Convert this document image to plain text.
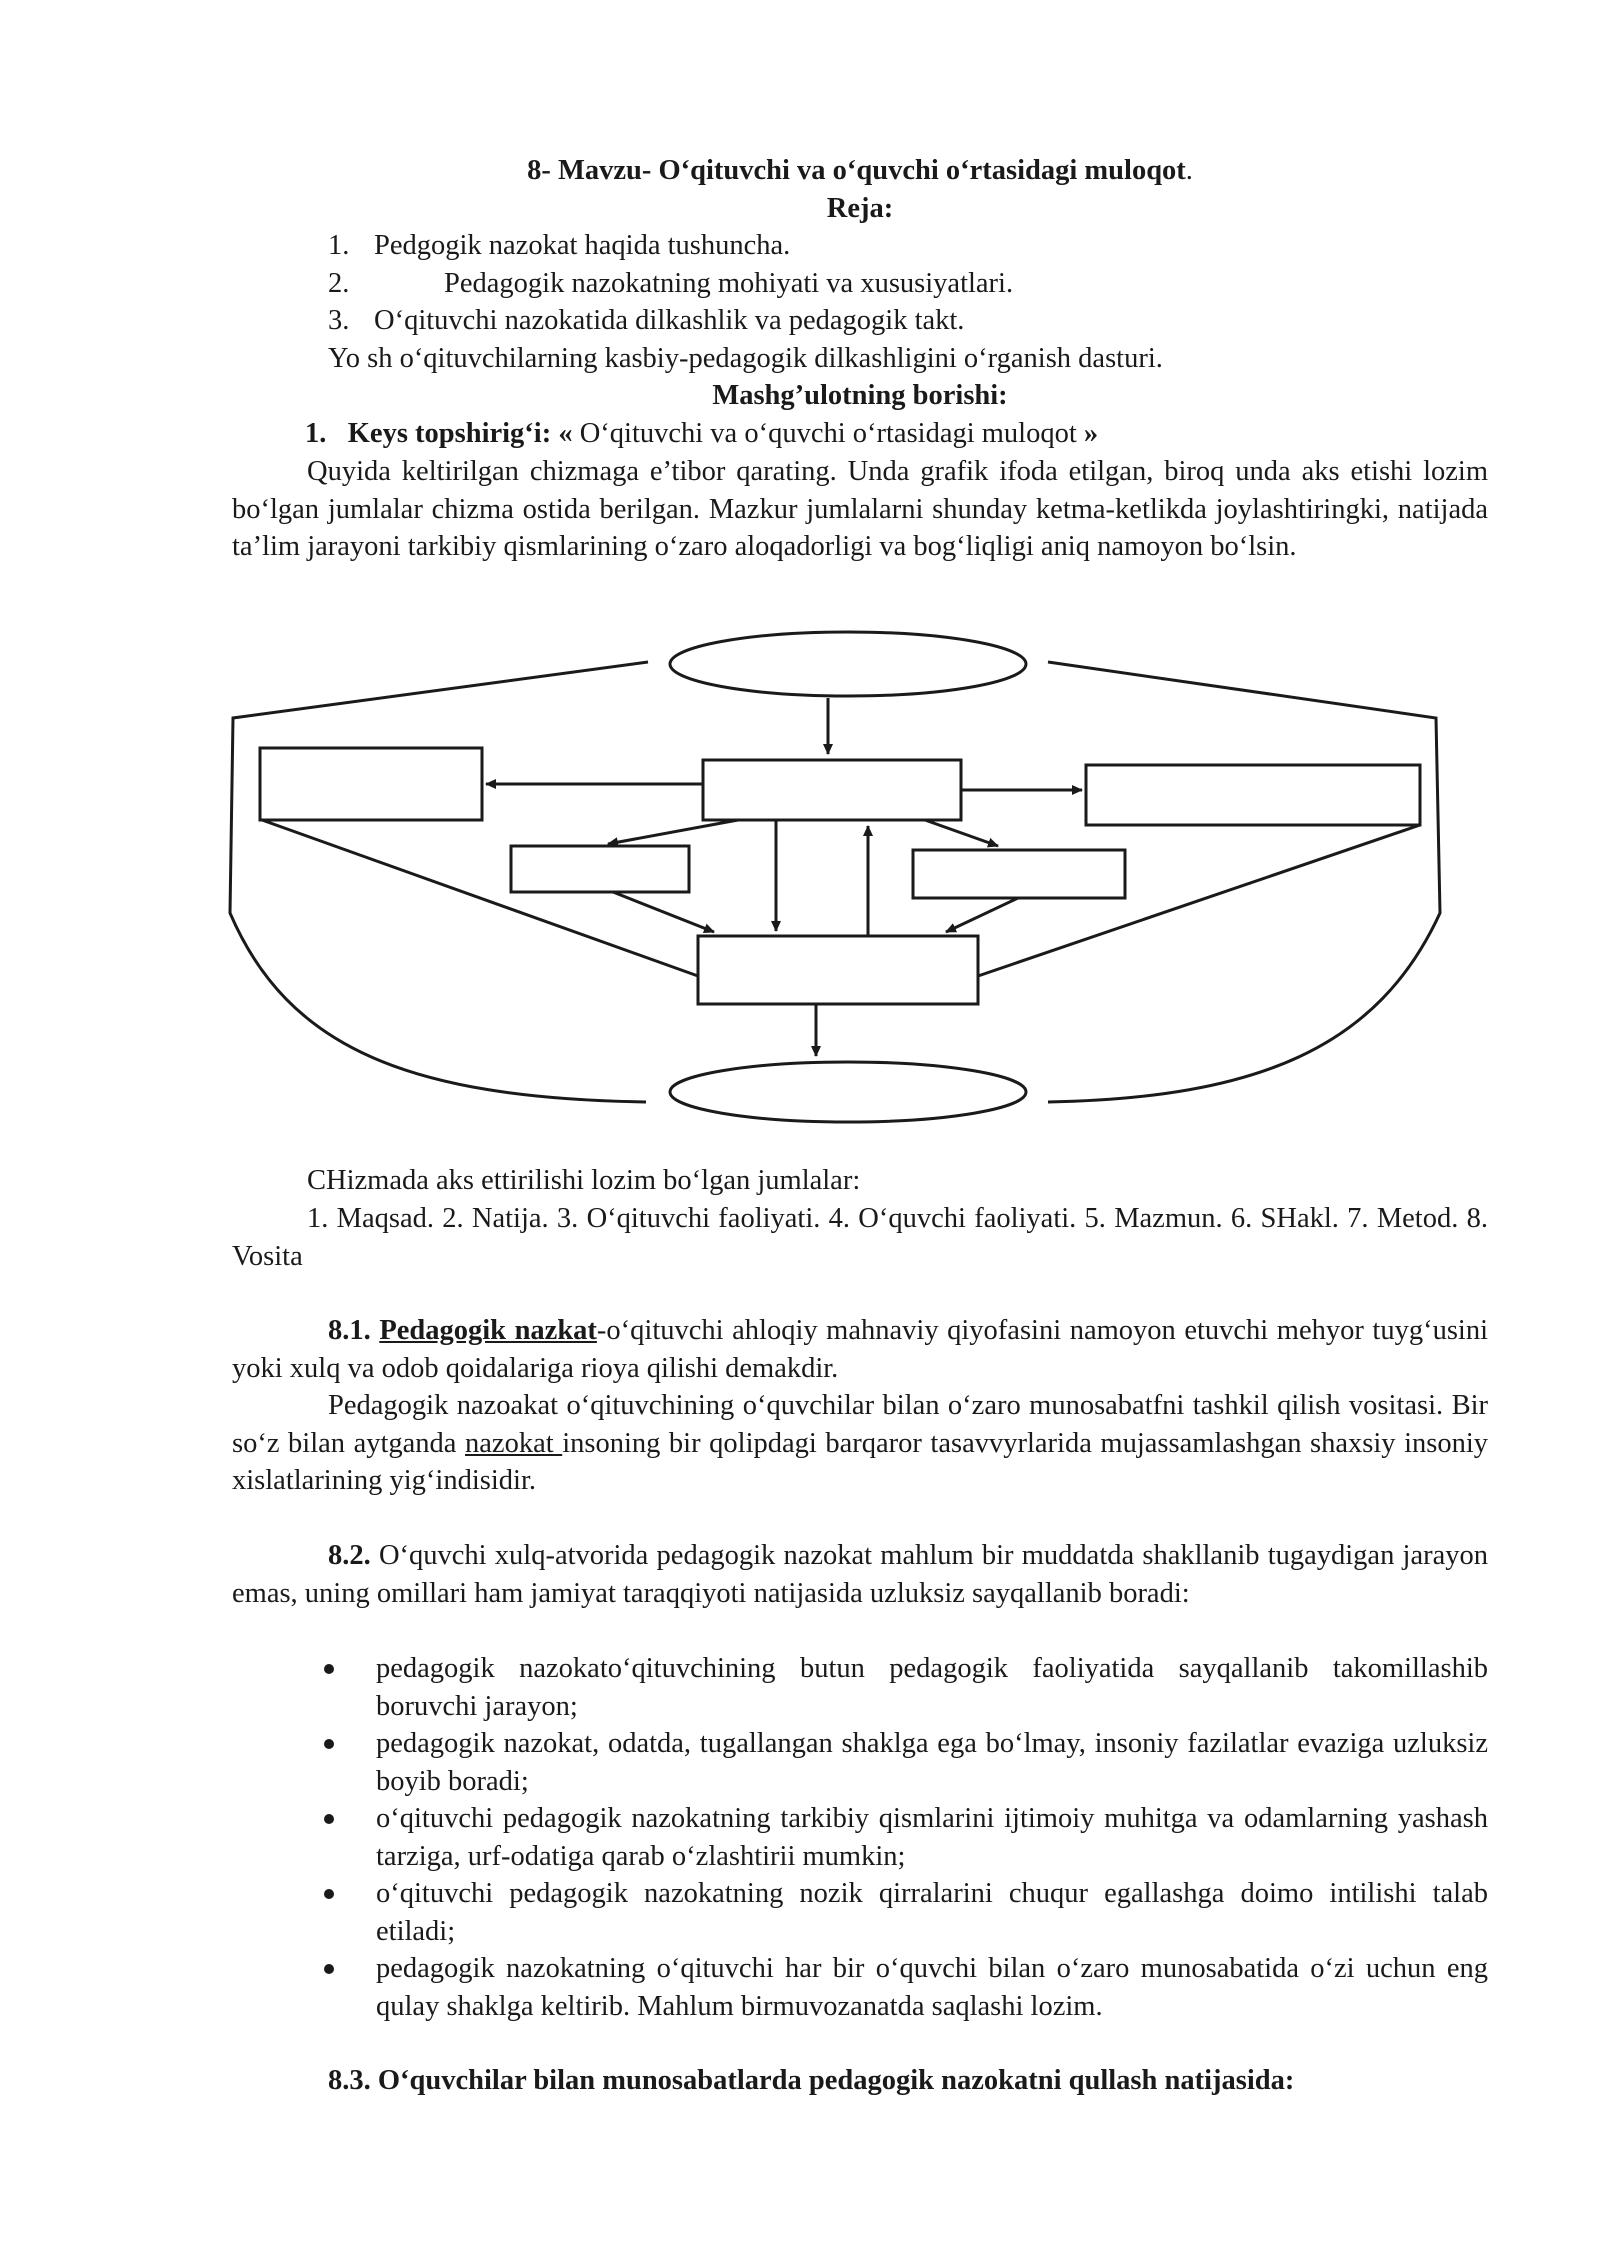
8- Mavzu- O‘qituvchi va o‘quvchi o‘rtasidagi muloqot.

Reja:

1. Pedgogik nazokat haqida tushuncha.

2.	Pedagogik nazokatning mohiyati va xususiyatlari.

3. O‘qituvchi nazokatida dilkashlik va pedagogik takt.

Yo sh o‘qituvchilarning kasbiy-pedagogik dilkashligini o‘rganish dasturi.

Mashg’ulotning borishi:

1. Keys topshirig‘i: « O‘qituvchi va o‘quvchi o‘rtasidagi muloqot »

Quyida keltirilgan chizmaga e’tibor qarating. Unda grafik ifoda etilgan, biroq unda aks etishi lozim bo‘lgan jumlalar chizma ostida berilgan. Mazkur jumlalarni shunday ketma-ketlikda joylashtiringki, natijada ta’lim jarayoni tarkibiy qismlarining o‘zaro aloqadorligi va bog‘liqligi aniq namoyon bo‘lsin.

CHizmada aks ettirilishi lozim bo‘lgan jumlalar:

1. Maqsad. 2. Natija. 3. O‘qituvchi faoliyati. 4. O‘quvchi faoliyati. 5. Mazmun. 6. SHakl. 7. Metod. 8. Vosita

8.1. Pedagogik nazkat-o‘qituvchi ahloqiy mahnaviy qiyofasini namoyon etuvchi mehyor tuyg‘usini yoki xulq va odob qoidalariga rioya qilishi demakdir.

Pedagogik nazoakat o‘qituvchining o‘quvchilar bilan o‘zaro munosabatfni tashkil qilish vositasi. Bir so‘z bilan aytganda nazokat insoning bir qolipdagi barqaror tasavvyrlarida mujassamlashgan shaxsiy insoniy xislatlarining yig‘indisidir.

8.2. O‘quvchi xulq-atvorida pedagogik nazokat mahlum bir muddatda shakllanib tugaydigan jarayon emas, uning omillari ham jamiyat taraqqiyoti natijasida uzluksiz sayqallanib boradi:

pedagogik nazokato‘qituvchining butun pedagogik faoliyatida sayqallanib takomillashib boruvchi jarayon;
pedagogik nazokat, odatda, tugallangan shaklga ega bo‘lmay, insoniy fazilatlar evaziga uzluksiz boyib boradi;
o‘qituvchi pedagogik nazokatning tarkibiy qismlarini ijtimoiy muhitga va odamlarning yashash tarziga, urf-odatiga qarab o‘zlashtirii mumkin;
o‘qituvchi pedagogik nazokatning nozik qirralarini chuqur egallashga doimo intilishi talab etiladi;
pedagogik nazokatning o‘qituvchi har bir o‘quvchi bilan o‘zaro munosabatida o‘zi uchun eng qulay shaklga keltirib. Mahlum birmuvozanatda saqlashi lozim.

8.3. O‘quvchilar bilan munosabatlarda pedagogik nazokatni qullash natijasida:
